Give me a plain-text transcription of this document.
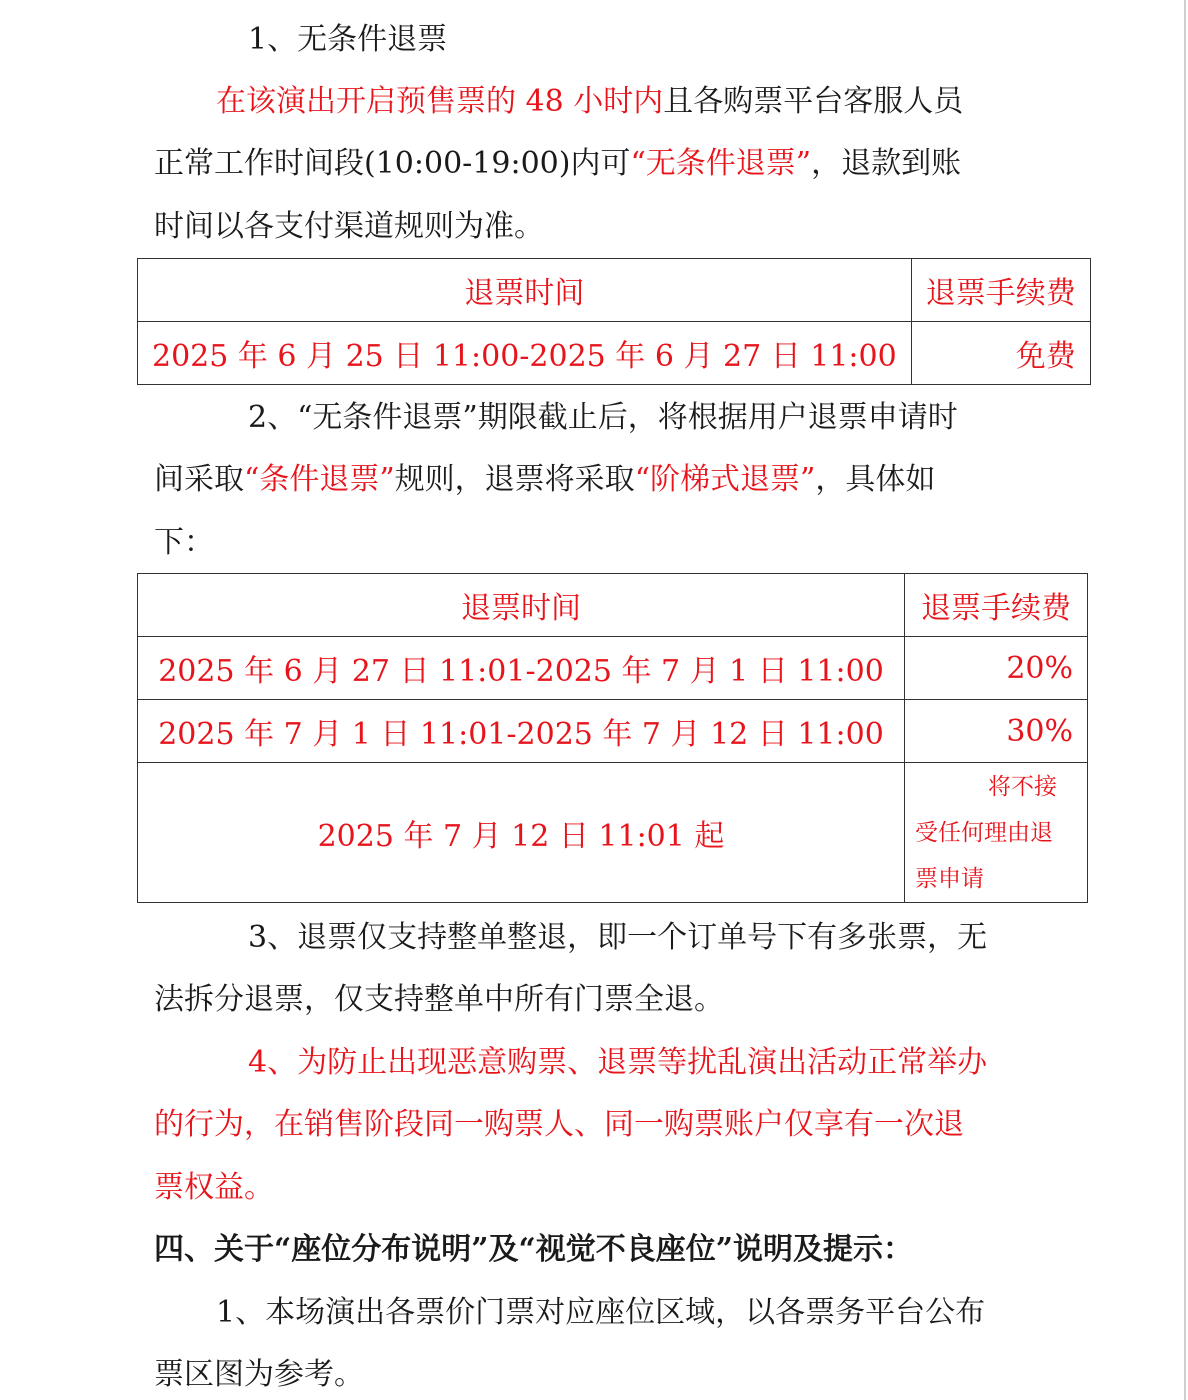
1、无条件退票
在该演出开启预售票的 48 小时内且各购票平台客服人员
正常工作时间段(10:00-19:00)内可“无条件退票”，退款到账
时间以各支付渠道规则为准。
退票时间	退票手续费
2025 年 6 月 25 日 11:00-2025 年 6 月 27 日 11:00	免费
2、“无条件退票”期限截止后，将根据用户退票申请时
间采取“条件退票”规则，退票将采取“阶梯式退票”，具体如
下：
退票时间	退票手续费
2025 年 6 月 27 日 11:01-2025 年 7 月 1 日 11:00	20%
2025 年 7 月 1 日 11:01-2025 年 7 月 12 日 11:00	30%
2025 年 7 月 12 日 11:01 起	将不接
受任何理由退
票申请
3、退票仅支持整单整退，即一个订单号下有多张票，无
法拆分退票，仅支持整单中所有门票全退。
4、为防止出现恶意购票、退票等扰乱演出活动正常举办
的行为，在销售阶段同一购票人、同一购票账户仅享有一次退
票权益。
四、关于“座位分布说明”及“视觉不良座位”说明及提示：
1、本场演出各票价门票对应座位区域，以各票务平台公布
票区图为参考。
